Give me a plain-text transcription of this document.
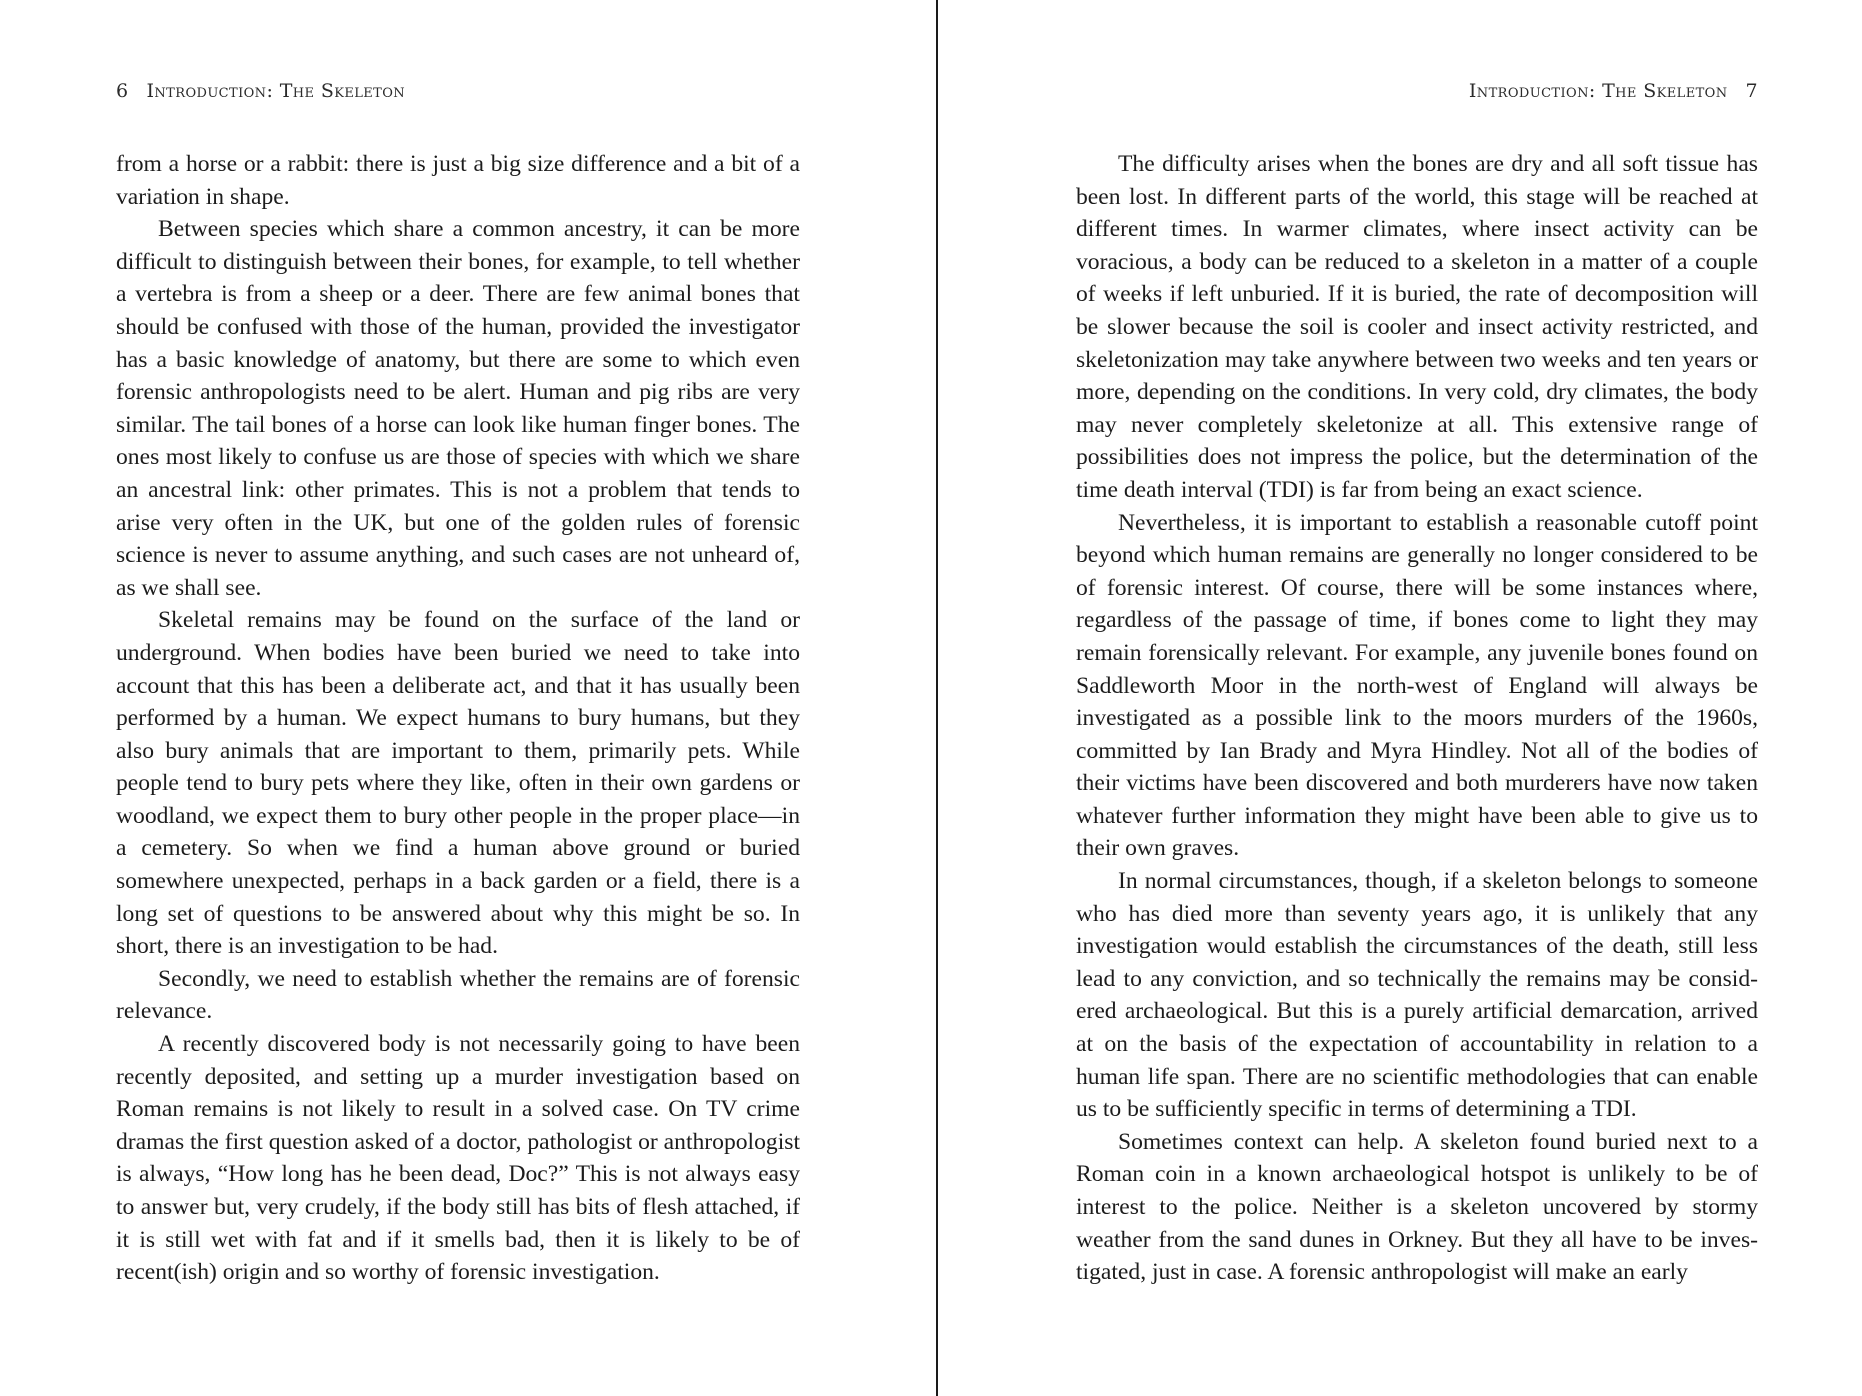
6 Introduction: The Skeleton

from a horse or a rabbit: there is just a big size difference and a bit of a variation in shape.

Between species which share a common ancestry, it can be more difficult to distinguish between their bones, for example, to tell whether a vertebra is from a sheep or a deer. There are few animal bones that should be confused with those of the human, provided the investigator has a basic knowledge of anatomy, but there are some to which even forensic anthropologists need to be alert. Human and pig ribs are very similar. The tail bones of a horse can look like human finger bones. The ones most likely to confuse us are those of species with which we share an ancestral link: other primates. This is not a problem that tends to arise very often in the UK, but one of the golden rules of forensic science is never to assume anything, and such cases are not unheard of, as we shall see.

Skeletal remains may be found on the surface of the land or underground. When bodies have been buried we need to take into account that this has been a deliberate act, and that it has usually been performed by a human. We expect humans to bury humans, but they also bury animals that are important to them, primarily pets. While people tend to bury pets where they like, often in their own gardens or woodland, we expect them to bury other people in the proper place—in a cemetery. So when we find a human above ground or buried somewhere unexpected, perhaps in a back garden or a field, there is a long set of questions to be answered about why this might be so. In short, there is an investigation to be had.

Secondly, we need to establish whether the remains are of forensic relevance.

A recently discovered body is not necessarily going to have been recently deposited, and setting up a murder investigation based on Roman remains is not likely to result in a solved case. On TV crime dramas the first question asked of a doctor, pathologist or anthropologist is always, “How long has he been dead, Doc?” This is not always easy to answer but, very crudely, if the body still has bits of flesh attached, if it is still wet with fat and if it smells bad, then it is likely to be of recent(ish) origin and so worthy of forensic investigation.

Introduction: The Skeleton 7

The difficulty arises when the bones are dry and all soft tissue has been lost. In different parts of the world, this stage will be reached at different times. In warmer climates, where insect activity can be voracious, a body can be reduced to a skeleton in a matter of a couple of weeks if left unburied. If it is buried, the rate of decomposition will be slower because the soil is cooler and insect activity restricted, and skeletonization may take anywhere between two weeks and ten years or more, depending on the conditions. In very cold, dry climates, the body may never completely skeletonize at all. This extensive range of possibilities does not impress the police, but the determination of the time death interval (TDI) is far from being an exact science.

Nevertheless, it is important to establish a reasonable cutoff point beyond which human remains are generally no longer considered to be of forensic interest. Of course, there will be some instances where, regardless of the passage of time, if bones come to light they may remain forensically relevant. For example, any juvenile bones found on Saddleworth Moor in the north-west of England will always be investigated as a possible link to the moors murders of the 1960s, committed by Ian Brady and Myra Hindley. Not all of the bodies of their victims have been discovered and both murderers have now taken whatever further information they might have been able to give us to their own graves.

In normal circumstances, though, if a skeleton belongs to someone who has died more than seventy years ago, it is unlikely that any investigation would establish the circumstances of the death, still less lead to any conviction, and so technically the remains may be considered archaeological. But this is a purely artificial demarcation, arrived at on the basis of the expectation of accountability in relation to a human life span. There are no scientific methodologies that can enable us to be sufficiently specific in terms of determining a TDI.

Sometimes context can help. A skeleton found buried next to a Roman coin in a known archaeological hotspot is unlikely to be of interest to the police. Neither is a skeleton uncovered by stormy weather from the sand dunes in Orkney. But they all have to be investigated, just in case. A forensic anthropologist will make an early
